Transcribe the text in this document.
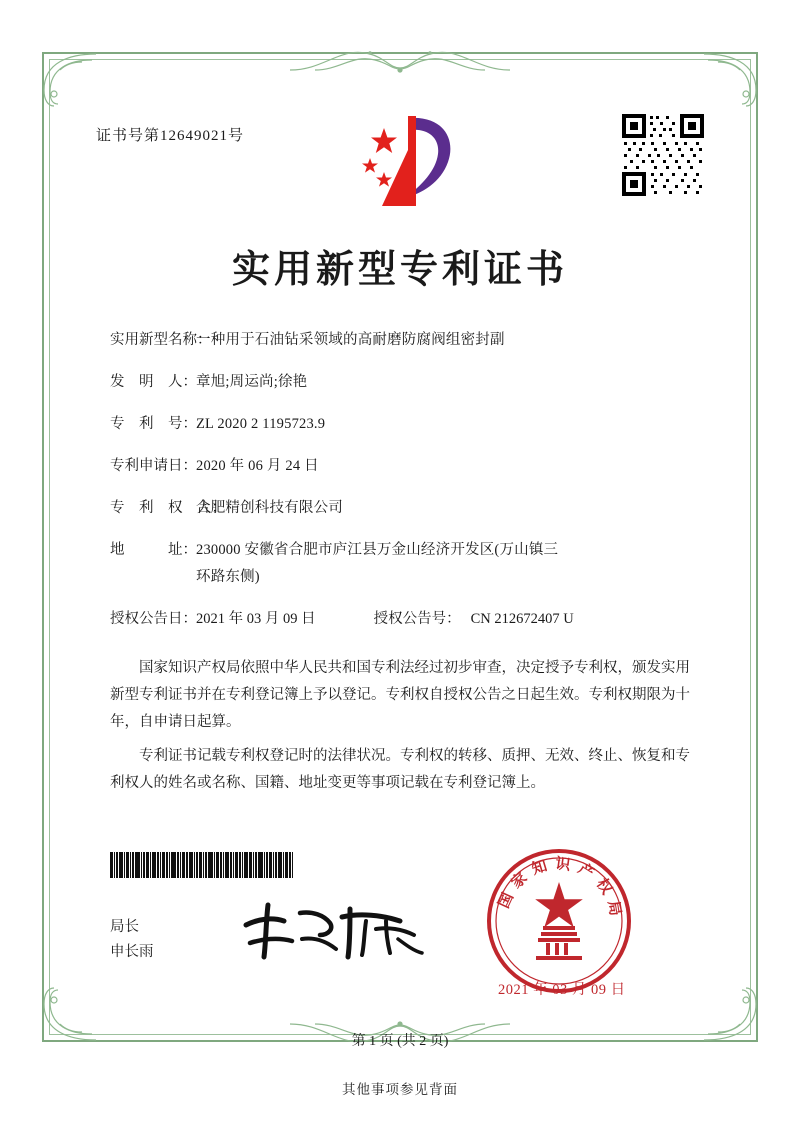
证书号第12649021号
实用新型专利证书
实用新型名称：
一种用于石油钻采领域的高耐磨防腐阀组密封副
发　明　人： 章旭;周运尚;徐艳
专　利　号： ZL 2020 2 1195723.9
专利申请日： 2020 年 06 月 24 日
专　利　权　人：
合肥精创科技有限公司
地　　　址： 230000 安徽省合肥市庐江县万金山经济开发区(万山镇三
环路东侧)
授权公告日： 2021 年 03 月 09 日	授权公告号： CN 212672407 U

国家知识产权局依照中华人民共和国专利法经过初步审查，决定授予专利权，颁发实用新型专利证书并在专利登记簿上予以登记。专利权自授权公告之日起生效。专利权期限为十年，自申请日起算。

专利证书记载专利权登记时的法律状况。专利权的转移、质押、无效、终止、恢复和专利权人的姓名或名称、国籍、地址变更等事项记载在专利登记簿上。

局长
申长雨
国家知识产权局
2021 年 03 月 09 日
第 1 页 (共 2 页)
其他事项参见背面
